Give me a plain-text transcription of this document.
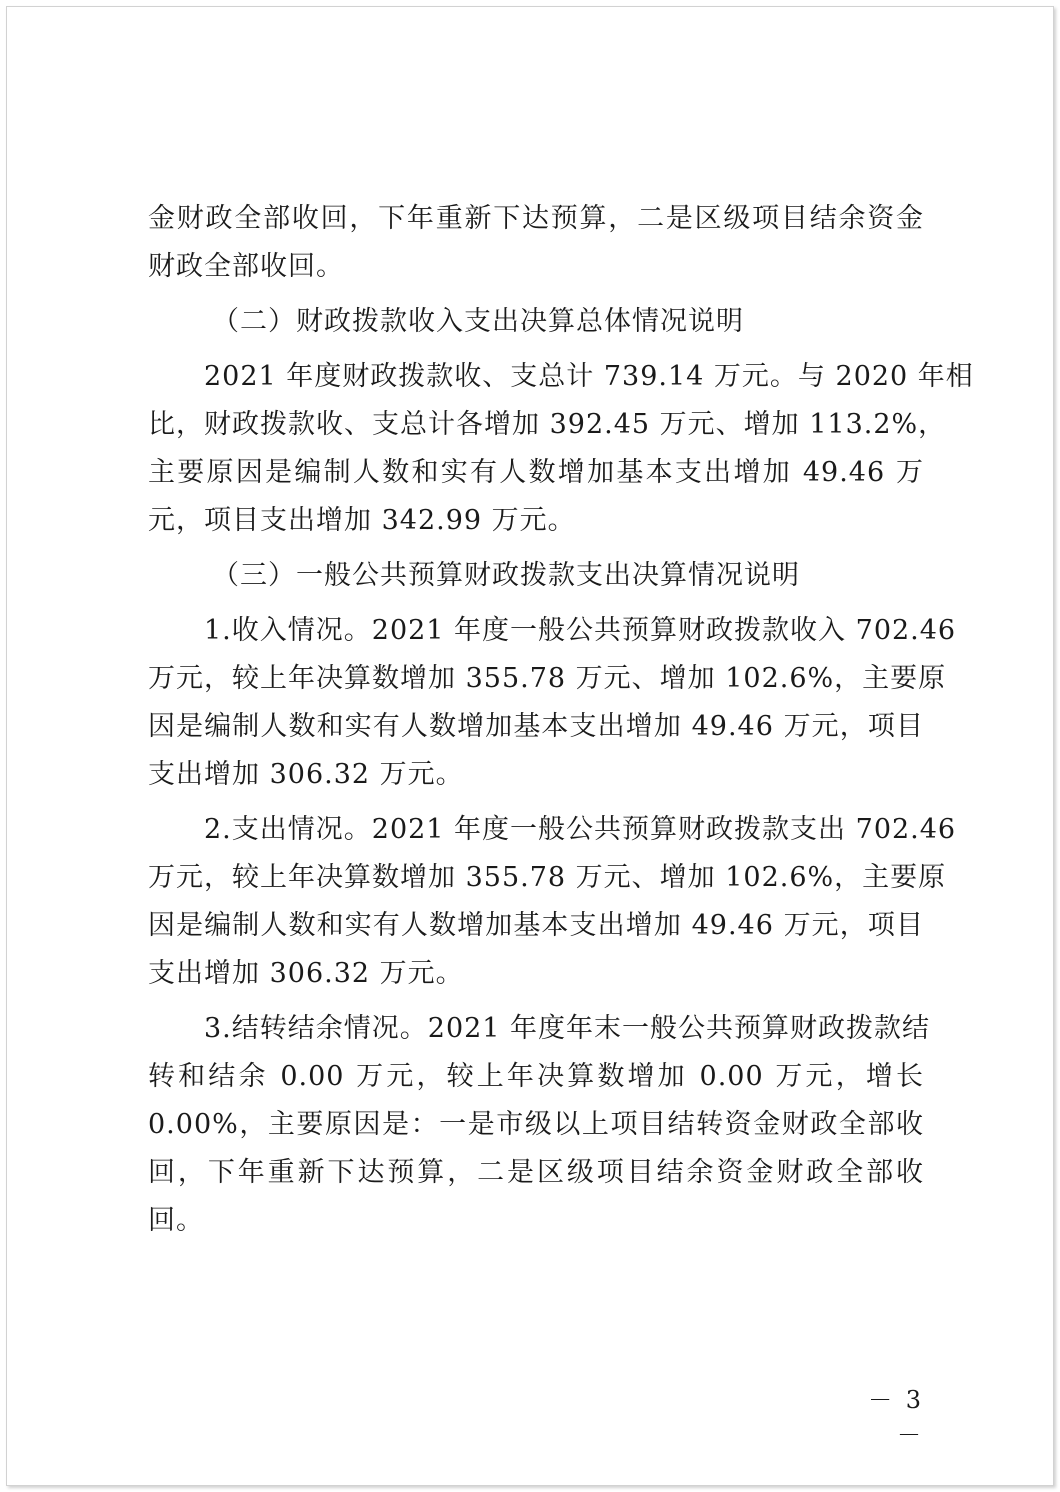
金财政全部收回，下年重新下达预算，二是区级项目结余资金
财政全部收回。
（二）财政拨款收入支出决算总体情况说明
2021 年度财政拨款收、支总计 739.14 万元。与 2020 年相
比，财政拨款收、支总计各增加 392.45 万元、增加 113.2%，
主要原因是编制人数和实有人数增加基本支出增加 49.46 万
元，项目支出增加 342.99 万元。
（三）一般公共预算财政拨款支出决算情况说明
1.收入情况。2021 年度一般公共预算财政拨款收入 702.46
万元，较上年决算数增加 355.78 万元、增加 102.6%，主要原
因是编制人数和实有人数增加基本支出增加 49.46 万元，项目
支出增加 306.32 万元。
2.支出情况。2021 年度一般公共预算财政拨款支出 702.46
万元，较上年决算数增加 355.78 万元、增加 102.6%，主要原
因是编制人数和实有人数增加基本支出增加 49.46 万元，项目
支出增加 306.32 万元。
3.结转结余情况。2021 年度年末一般公共预算财政拨款结
转和结余 0.00 万元，较上年决算数增加 0.00 万元，增长
0.00%，主要原因是：一是市级以上项目结转资金财政全部收
回，下年重新下达预算，二是区级项目结余资金财政全部收
回。
－ 3 －
